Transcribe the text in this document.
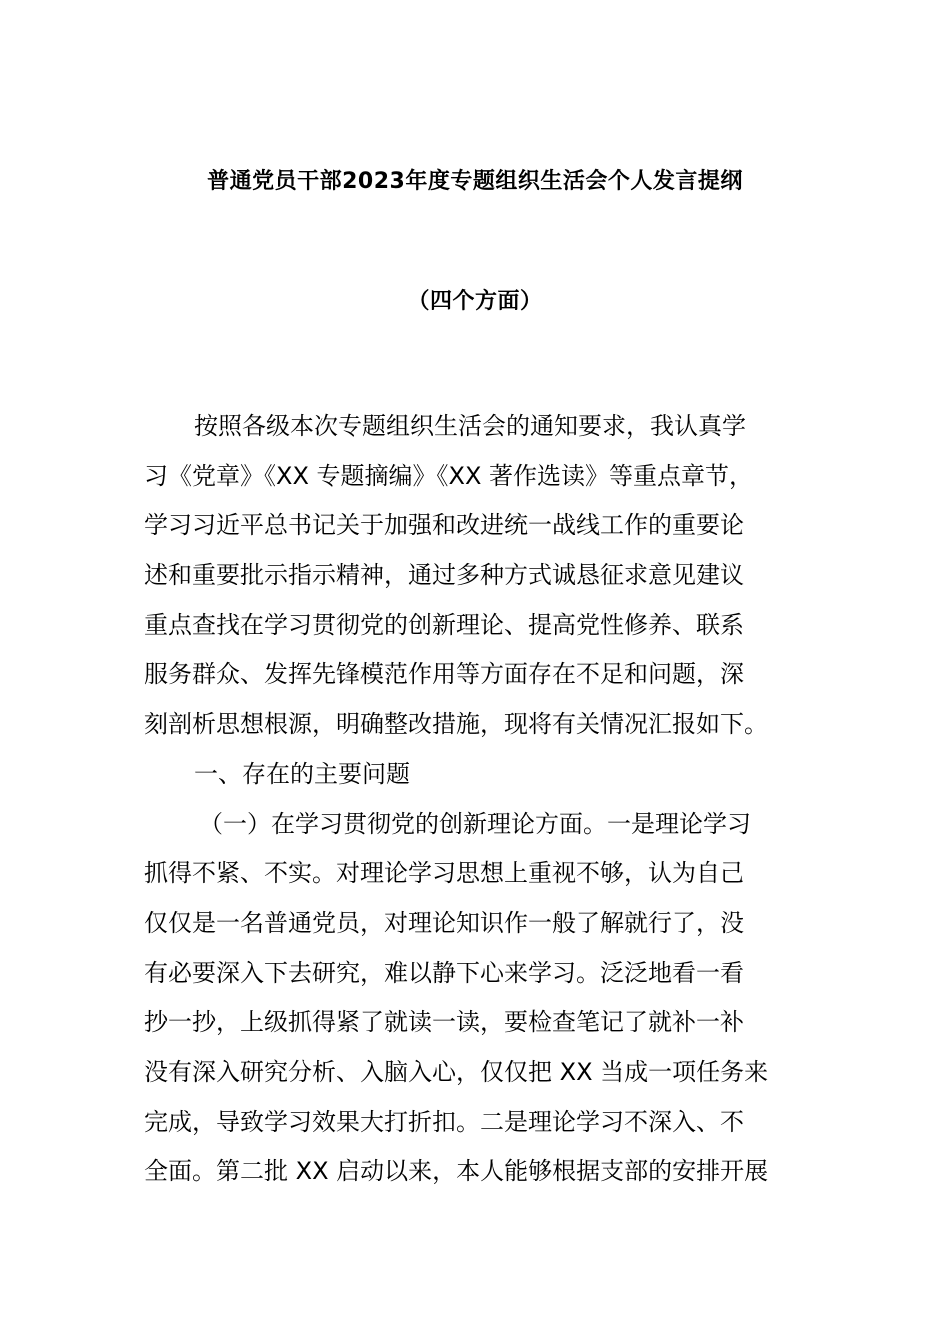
普通党员干部2023年度专题组织生活会个人发言提纲
（四个方面）
按照各级本次专题组织生活会的通知要求，我认真学
习《党章》《XX 专题摘编》《XX 著作选读》等重点章节，
学习习近平总书记关于加强和改进统一战线工作的重要论
述和重要批示指示精神，通过多种方式诚恳征求意见建议
重点查找在学习贯彻党的创新理论、提高党性修养、联系
服务群众、发挥先锋模范作用等方面存在不足和问题，深
刻剖析思想根源，明确整改措施，现将有关情况汇报如下。
一、存在的主要问题
（一）在学习贯彻党的创新理论方面。一是理论学习
抓得不紧、不实。对理论学习思想上重视不够，认为自己
仅仅是一名普通党员，对理论知识作一般了解就行了，没
有必要深入下去研究，难以静下心来学习。泛泛地看一看
抄一抄，上级抓得紧了就读一读，要检查笔记了就补一补
没有深入研究分析、入脑入心，仅仅把 XX 当成一项任务来
完成，导致学习效果大打折扣。二是理论学习不深入、不
全面。第二批 XX 启动以来，本人能够根据支部的安排开展
